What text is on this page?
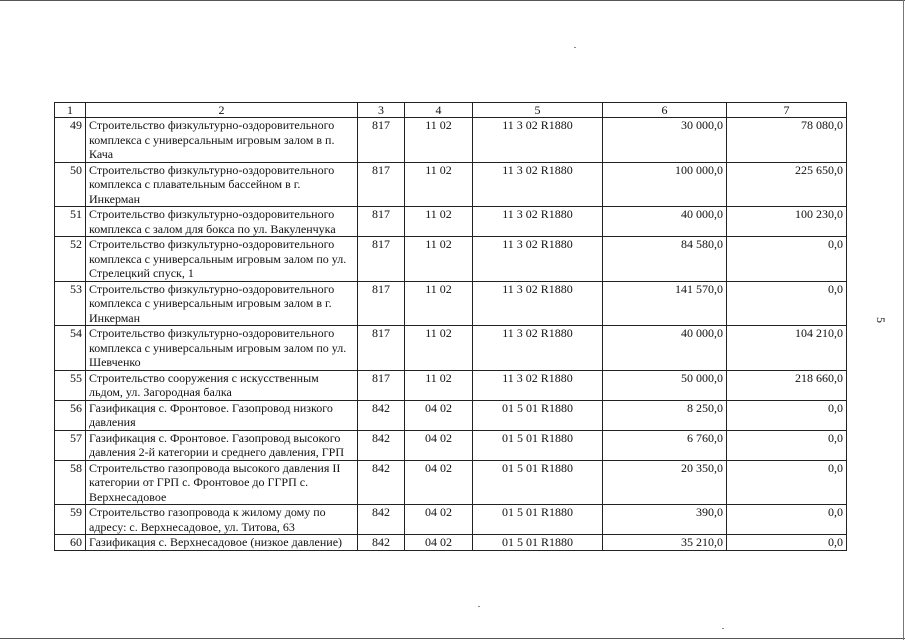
5
1	2	3	4	5	6	7
49	Строительство физкультурно-оздоровительного комплекса с универсальным игровым залом в п. Кача	817	11 02	11 3 02 R1880	30 000,0	78 080,0
50	Строительство физкультурно-оздоровительного комплекса с плавательным бассейном в г. Инкерман	817	11 02	11 3 02 R1880	100 000,0	225 650,0
51	Строительство физкультурно-оздоровительного комплекса с залом для бокса по ул. Вакуленчука	817	11 02	11 3 02 R1880	40 000,0	100 230,0
52	Строительство физкультурно-оздоровительного комплекса с универсальным игровым залом по ул. Стрелецкий спуск, 1	817	11 02	11 3 02 R1880	84 580,0	0,0
53	Строительство физкультурно-оздоровительного комплекса с универсальным игровым залом в г. Инкерман	817	11 02	11 3 02 R1880	141 570,0	0,0
54	Строительство физкультурно-оздоровительного комплекса с универсальным игровым залом по ул. Шевченко	817	11 02	11 3 02 R1880	40 000,0	104 210,0
55	Строительство сооружения с искусственным льдом, ул. Загородная балка	817	11 02	11 3 02 R1880	50 000,0	218 660,0
56	Газификация с. Фронтовое. Газопровод низкого давления	842	04 02	01 5 01 R1880	8 250,0	0,0
57	Газификация с. Фронтовое. Газопровод высокого давления 2-й категории и среднего давления, ГРП	842	04 02	01 5 01 R1880	6 760,0	0,0
58	Строительство газопровода высокого давления II категории от ГРП с. Фронтовое до ГГРП с. Верхнесадовое	842	04 02	01 5 01 R1880	20 350,0	0,0
59	Строительство газопровода к жилому дому по адресу: с. Верхнесадовое, ул. Титова, 63	842	04 02	01 5 01 R1880	390,0	0,0
60	Газификация с. Верхнесадовое (низкое давление)	842	04 02	01 5 01 R1880	35 210,0	0,0
